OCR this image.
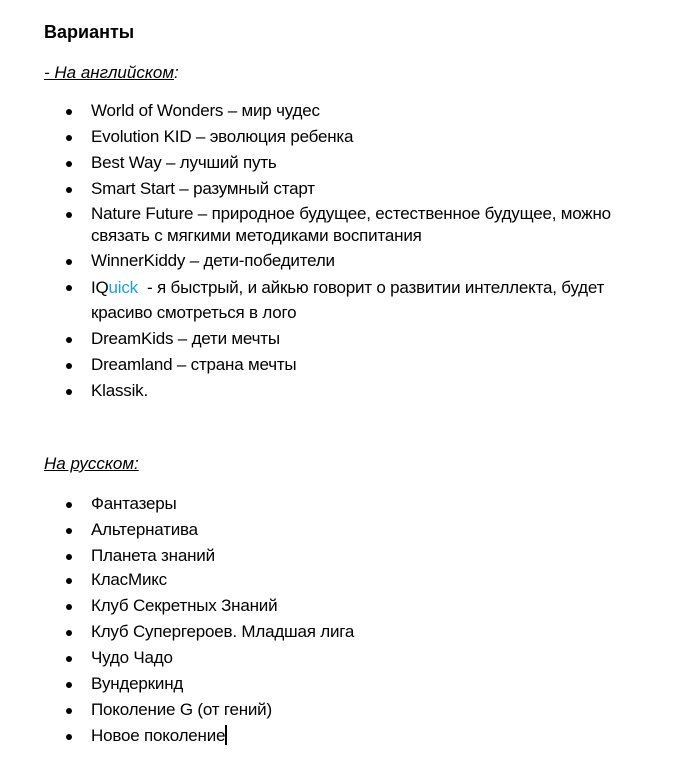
Варианты
- На английском:
World of Wonders – мир чудес
Evolution KID – эволюция ребенка
Best Way – лучший путь
Smart Start – разумный старт
Nature Future – природное будущее, естественное будущее, можно связать с мягкими методиками воспитания
WinnerKiddy – дети-победители
IQuick  - я быстрый, и айкью говорит о развитии интеллекта, будет красиво смотреться в лого
DreamKids – дети мечты
Dreamland – страна мечты
Klassik.
На русском:
Фантазеры
Альтернатива
Планета знаний
КласМикс
Клуб Секретных Знаний
Клуб Супергероев. Младшая лига
Чудо Чадо
Вундеркинд
Поколение G (от гений)
Новое поколение
